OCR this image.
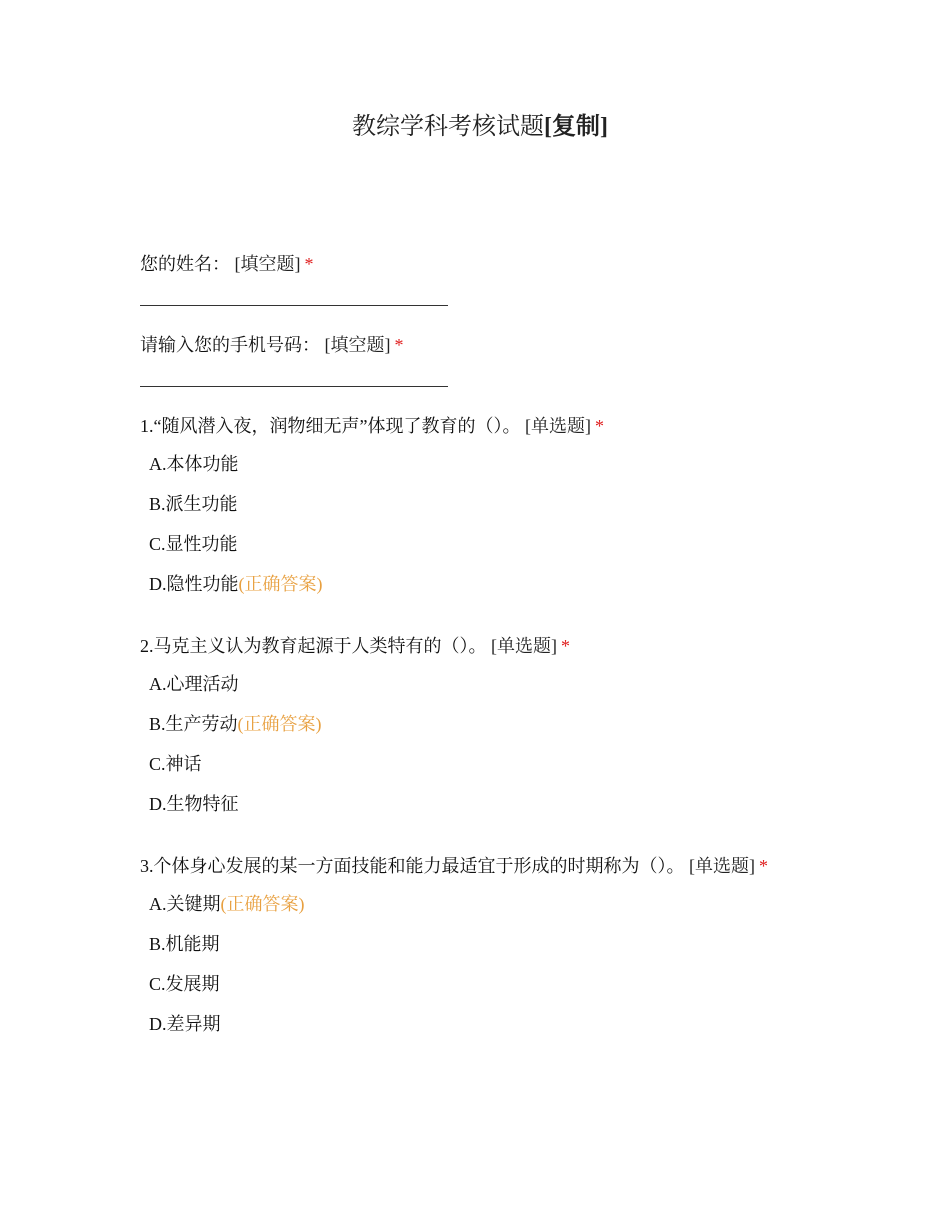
教综学科考核试题[复制]
您的姓名： [填空题] *
请输入您的手机号码： [填空题] *
1.“随风潜入夜，润物细无声”体现了教育的（）。 [单选题] *
A.本体功能
B.派生功能
C.显性功能
D.隐性功能(正确答案)
2.马克主义认为教育起源于人类特有的（）。 [单选题] *
A.心理活动
B.生产劳动(正确答案)
C.神话
D.生物特征
3.个体身心发展的某一方面技能和能力最适宜于形成的时期称为（）。 [单选题] *
A.关键期(正确答案)
B.机能期
C.发展期
D.差异期
